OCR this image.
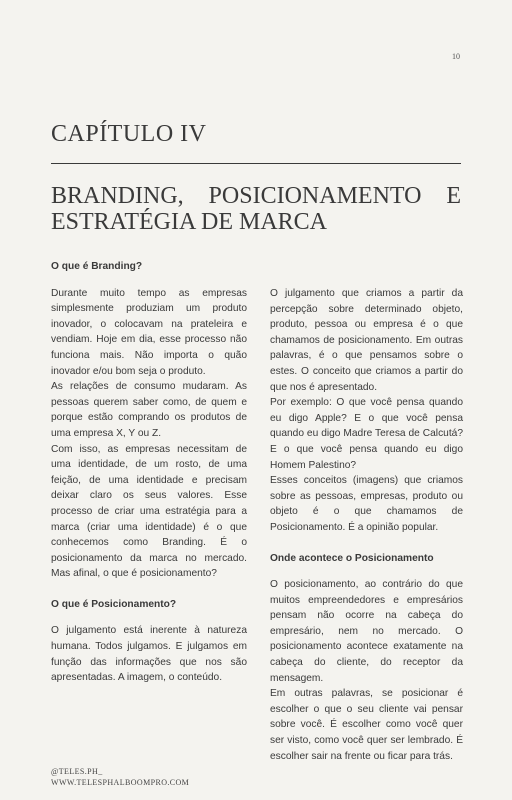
10
CAPÍTULO IV
BRANDING, POSICIONAMENTO E
ESTRATÉGIA DE MARCA
O que é Branding?

Durante muito tempo as empresas simplesmente produziam um produto inovador, o colocavam na prateleira e vendiam. Hoje em dia, esse processo não funciona mais. Não importa o quão inovador e/ou bom seja o produto.

As relações de consumo mudaram. As pessoas querem saber como, de quem e porque estão comprando os produtos de uma empresa X, Y ou Z.

Com isso, as empresas necessitam de uma identidade, de um rosto, de uma feição, de uma identidade e precisam deixar claro os seus valores. Esse processo de criar uma estratégia para a marca (criar uma identidade) é o que conhecemos como Branding. É o posicionamento da marca no mercado. Mas afinal, o que é posicionamento?

O que é Posicionamento?

O julgamento está inerente à natureza humana. Todos julgamos. E julgamos em função das informações que nos são apresentadas. A imagem, o conteúdo.

O julgamento que criamos a partir da percepção sobre determinado objeto, produto, pessoa ou empresa é o que chamamos de posicionamento. Em outras palavras, é o que pensamos sobre o estes. O conceito que criamos a partir do que nos é apresentado.

Por exemplo: O que você pensa quando eu digo Apple? E o que você pensa quando eu digo Madre Teresa de Calcutá? E o que você pensa quando eu digo Homem Palestino?

Esses conceitos (imagens) que criamos sobre as pessoas, empresas, produto ou objeto é o que chamamos de Posicionamento. É a opinião popular.

Onde acontece o Posicionamento

O posicionamento, ao contrário do que muitos empreendedores e empresários pensam não ocorre na cabeça do empresário, nem no mercado. O posicionamento acontece exatamente na cabeça do cliente, do receptor da mensagem.

Em outras palavras, se posicionar é escolher o que o seu cliente vai pensar sobre você. É escolher como você quer ser visto, como você quer ser lembrado. É escolher sair na frente ou ficar para trás.

@TELES.PH_
WWW.TELESPHALBOOMPRO.COM
